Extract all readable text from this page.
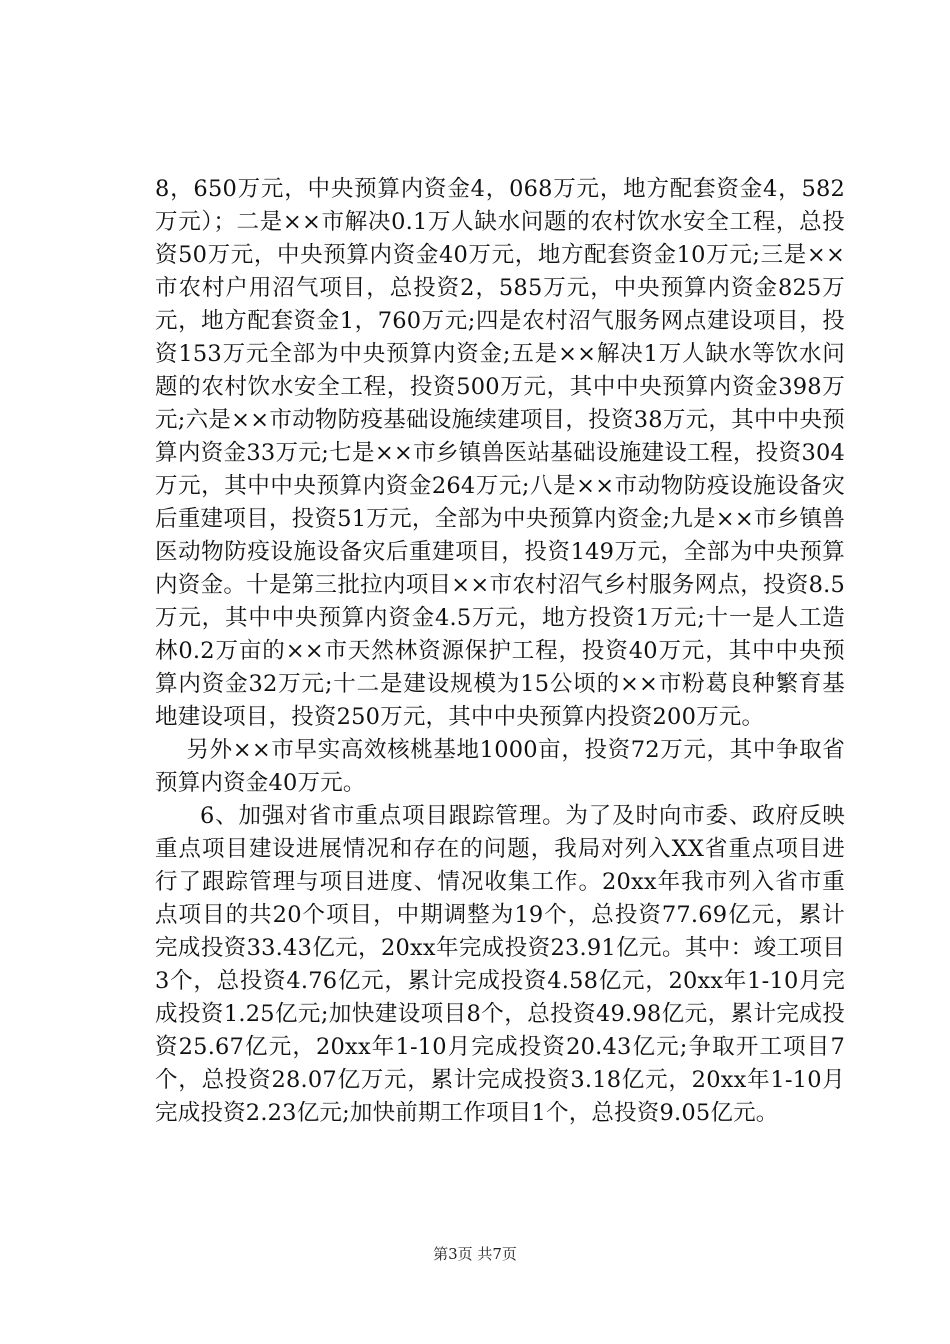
8，650万元，中央预算内资金4，068万元，地方配套资金4，582万元）；二是××市解决0.1万人缺水问题的农村饮水安全工程，总投资50万元，中央预算内资金40万元，地方配套资金10万元;三是××市农村户用沼气项目，总投资2，585万元，中央预算内资金825万元，地方配套资金1，760万元;四是农村沼气服务网点建设项目，投资153万元全部为中央预算内资金;五是××解决1万人缺水等饮水问题的农村饮水安全工程，投资500万元，其中中央预算内资金398万元;六是××市动物防疫基础设施续建项目，投资38万元，其中中央预算内资金33万元;七是××市乡镇兽医站基础设施建设工程，投资304万元，其中中央预算内资金264万元;八是××市动物防疫设施设备灾后重建项目，投资51万元，全部为中央预算内资金;九是××市乡镇兽医动物防疫设施设备灾后重建项目，投资149万元，全部为中央预算内资金。十是第三批拉内项目××市农村沼气乡村服务网点，投资8.5万元，其中中央预算内资金4.5万元，地方投资1万元;十一是人工造林0.2万亩的××市天然林资源保护工程，投资40万元，其中中央预算内资金32万元;十二是建设规模为15公顷的××市粉葛良种繁育基地建设项目，投资250万元，其中中央预算内投资200万元。

另外××市早实高效核桃基地1000亩，投资72万元，其中争取省预算内资金40万元。

6、加强对省市重点项目跟踪管理。为了及时向市委、政府反映重点项目建设进展情况和存在的问题，我局对列入XX省重点项目进行了跟踪管理与项目进度、情况收集工作。20xx年我市列入省市重点项目的共20个项目，中期调整为19个，总投资77.69亿元，累计完成投资33.43亿元，20xx年完成投资23.91亿元。其中：竣工项目3个，总投资4.76亿元，累计完成投资4.58亿元，20xx年1-10月完成投资1.25亿元;加快建设项目8个，总投资49.98亿元，累计完成投资25.67亿元，20xx年1-10月完成投资20.43亿元;争取开工项目7个，总投资28.07亿万元，累计完成投资3.18亿元，20xx年1-10月完成投资2.23亿元;加快前期工作项目1个，总投资9.05亿元。

第3页 共7页
